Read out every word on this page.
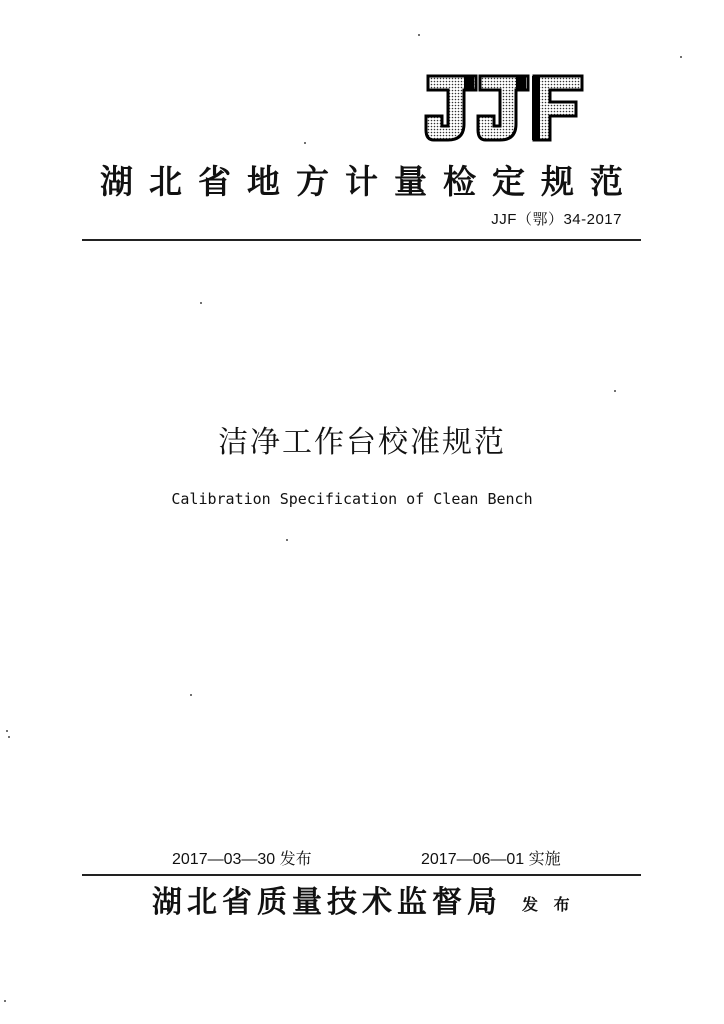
湖北省地方计量检定规范
JJF（鄂）34-2017
洁净工作台校准规范
Calibration Specification of Clean Bench
2017—03—30 发布	2017—06—01 实施
湖北省质量技术监督局 发 布
